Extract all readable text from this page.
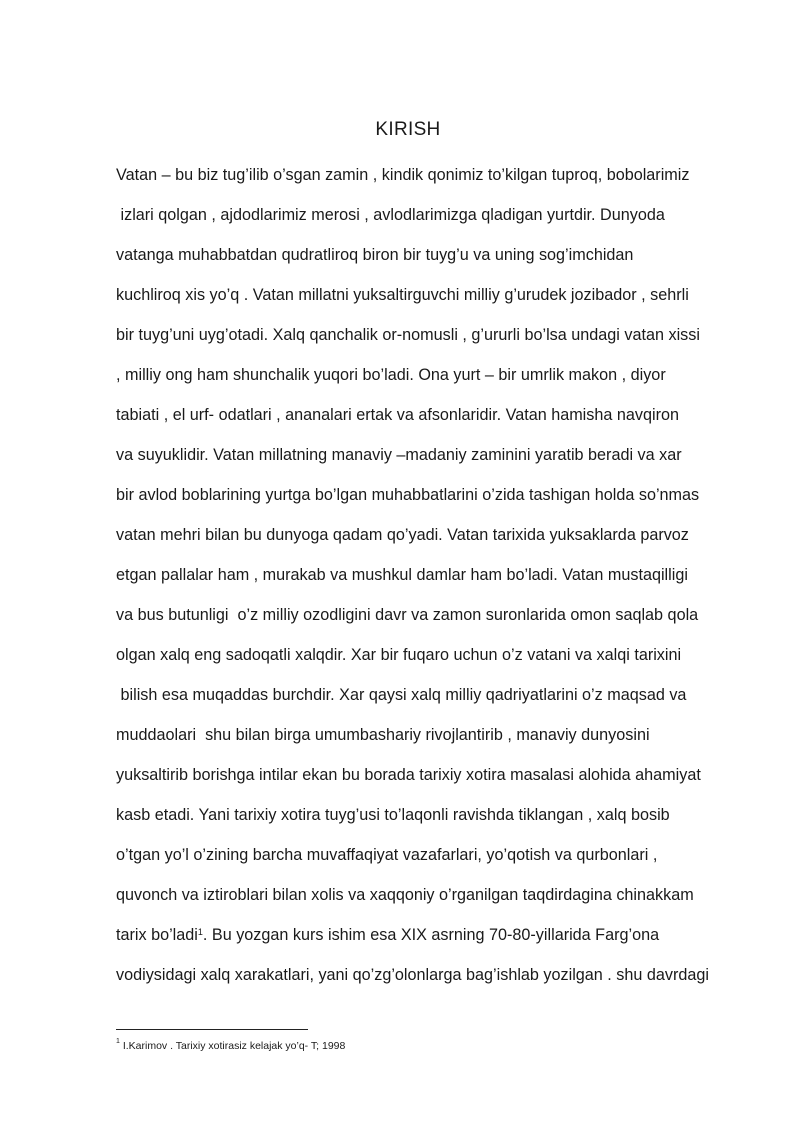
KIRISH
Vatan – bu biz tug’ilib o’sgan zamin , kindik qonimiz to’kilgan tuproq, bobolarimiz
izlari qolgan , ajdodlarimiz merosi , avlodlarimizga qladigan yurtdir. Dunyoda
vatanga muhabbatdan qudratliroq biron bir tuyg’u va uning sog’imchidan
kuchliroq xis yo’q . Vatan millatni yuksaltirguvchi milliy g’urudek jozibador , sehrli
bir tuyg’uni uyg’otadi. Xalq qanchalik or-nomusli , g’ururli bo’lsa undagi vatan xissi
, milliy ong ham shunchalik yuqori bo’ladi. Ona yurt – bir umrlik makon , diyor
tabiati , el urf- odatlari , ananalari ertak va afsonlaridir. Vatan hamisha navqiron
va suyuklidir. Vatan millatning manaviy –madaniy zaminini yaratib beradi va xar
bir avlod boblarining yurtga bo’lgan muhabbatlarini o’zida tashigan holda so’nmas
vatan mehri bilan bu dunyoga qadam qo’yadi. Vatan tarixida yuksaklarda parvoz
etgan pallalar ham , murakab va mushkul damlar ham bo’ladi. Vatan mustaqilligi
va bus butunligi  o’z milliy ozodligini davr va zamon suronlarida omon saqlab qola
olgan xalq eng sadoqatli xalqdir. Xar bir fuqaro uchun o’z vatani va xalqi tarixini
bilish esa muqaddas burchdir. Xar qaysi xalq milliy qadriyatlarini o’z maqsad va
muddaolari  shu bilan birga umumbashariy rivojlantirib , manaviy dunyosini
yuksaltirib borishga intilar ekan bu borada tarixiy xotira masalasi alohida ahamiyat
kasb etadi. Yani tarixiy xotira tuyg’usi to’laqonli ravishda tiklangan , xalq bosib
o’tgan yo’l o’zining barcha muvaffaqiyat vazafarlari, yo’qotish va qurbonlari ,
quvonch va iztiroblari bilan xolis va xaqqoniy o’rganilgan taqdirdagina chinakkam
tarix bo’ladi$^1$. Bu yozgan kurs ishim esa XIX asrning 70-80-yillarida Farg’ona
vodiysidagi xalq xarakatlari, yani qo’zg’olonlarga bag’ishlab yozilgan . shu davrdagi
$^1$ I.Karimov . Tarixiy xotirasiz kelajak yo’q- T; 1998
